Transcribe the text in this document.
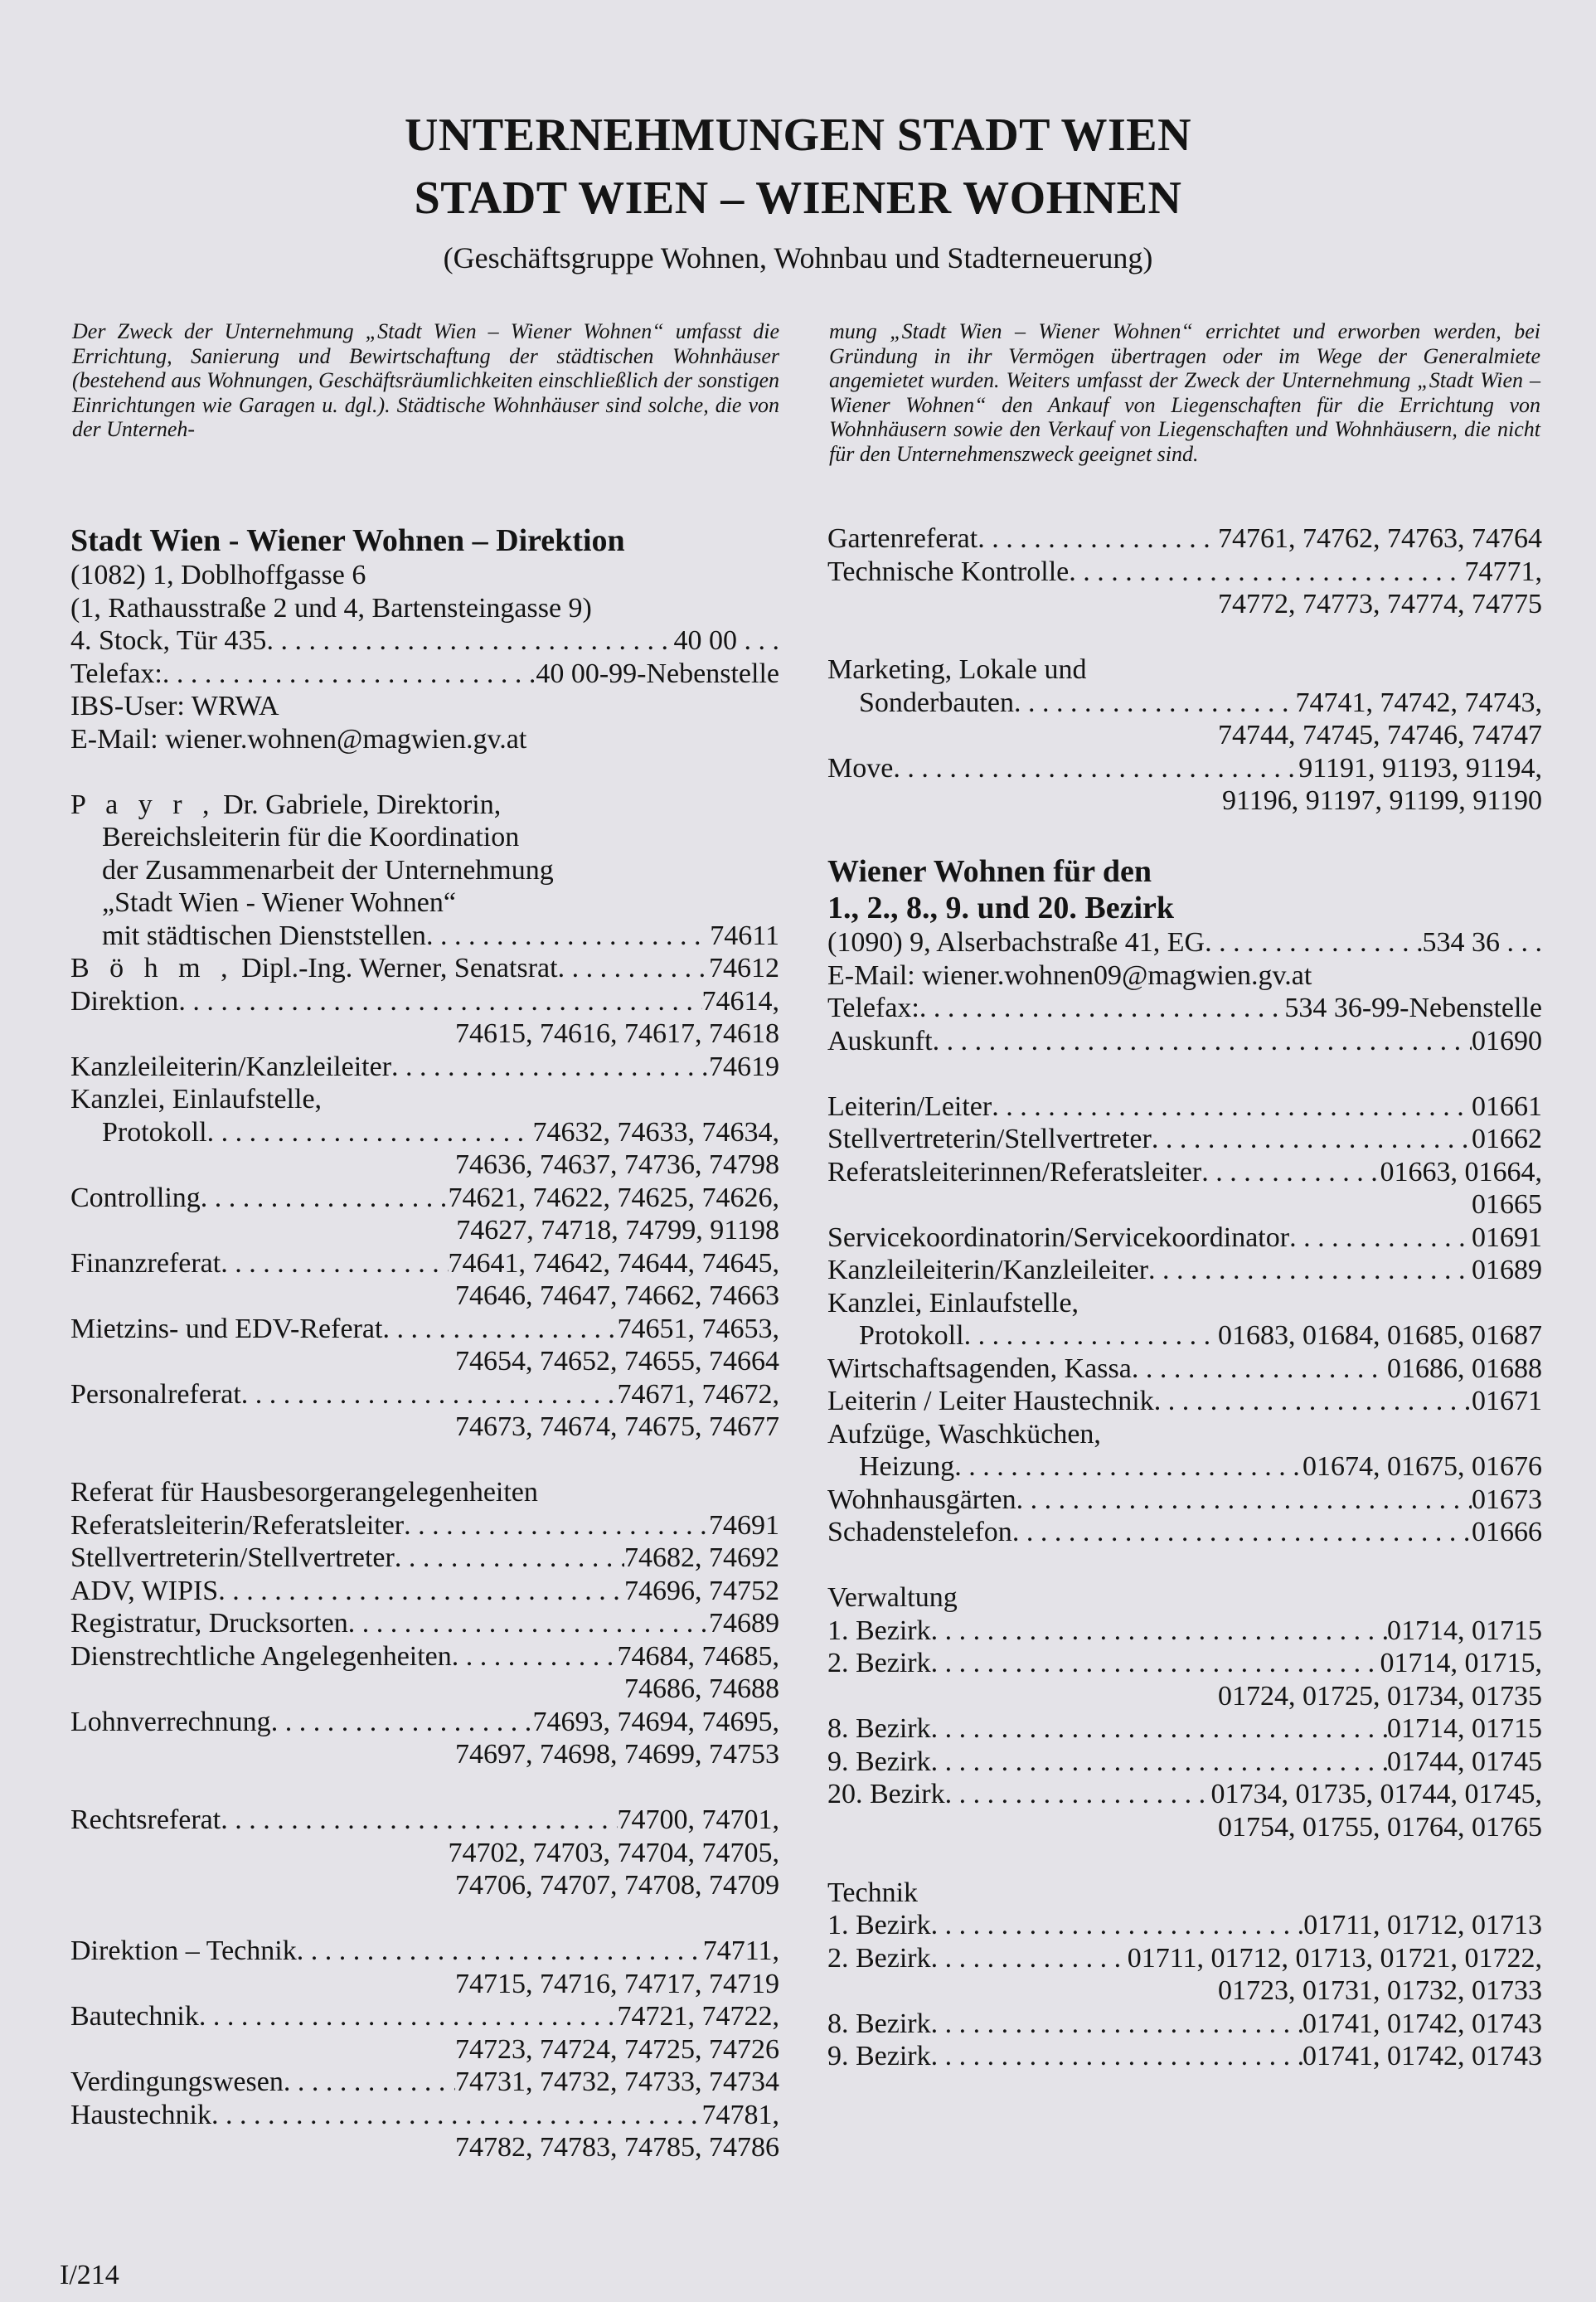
UNTERNEHMUNGEN STADT WIEN
STADT WIEN – WIENER WOHNEN
(Geschäftsgruppe Wohnen, Wohnbau und Stadterneuerung)
Der Zweck der Unternehmung „Stadt Wien – Wiener Wohnen“ umfasst die Errichtung, Sanierung und Bewirtschaftung der städtischen Wohnhäuser (bestehend aus Wohnungen, Geschäftsräumlichkeiten einschließlich der sonstigen Einrichtungen wie Garagen u. dgl.). Städtische Wohnhäuser sind solche, die von der Unterneh-
mung „Stadt Wien – Wiener Wohnen“ errichtet und erworben werden, bei Gründung in ihr Vermögen übertragen oder im Wege der Generalmiete angemietet wurden. Weiters umfasst der Zweck der Unternehmung „Stadt Wien – Wiener Wohnen“ den Ankauf von Liegenschaften für die Errichtung von Wohnhäusern sowie den Verkauf von Liegenschaften und Wohnhäusern, die nicht für den Unternehmenszweck geeignet sind.
Stadt Wien - Wiener Wohnen – Direktion
(1082) 1, Doblhoffgasse 6
(1, Rathausstraße 2 und 4, Bartensteingasse 9)
4. Stock, Tür 435 . . .	40 00 . . .
Telefax: . . .	40 00-99-Nebenstelle
IBS-User: WRWA
E-Mail: wiener.wohnen@magwien.gv.at
P a y r , Dr. Gabriele, Direktorin,
Bereichsleiterin für die Koordination
der Zusammenarbeit der Unternehmung
„Stadt Wien - Wiener Wohnen“
mit städtischen Dienststellen . . .	74611
B ö h m , Dipl.-Ing. Werner, Senatsrat . . .	74612
Direktion . . .	74614,
74615, 74616, 74617, 74618
Kanzleileiterin/Kanzleileiter . . .	74619
Kanzlei, Einlaufstelle,
Protokoll . . .	74632, 74633, 74634,
74636, 74637, 74736, 74798
Controlling . . .	74621, 74622, 74625, 74626,
74627, 74718, 74799, 91198
Finanzreferat . . .	74641, 74642, 74644, 74645,
74646, 74647, 74662, 74663
Mietzins- und EDV-Referat . . .	74651, 74653,
74654, 74652, 74655, 74664
Personalreferat . . .	74671, 74672,
74673, 74674, 74675, 74677
Referat für Hausbesorgerangelegenheiten
Referatsleiterin/Referatsleiter . . .	74691
Stellvertreterin/Stellvertreter . . .	74682, 74692
ADV, WIPIS . . .	74696, 74752
Registratur, Drucksorten . . .	74689
Dienstrechtliche Angelegenheiten . . .	74684, 74685,
74686, 74688
Lohnverrechnung . . .	74693, 74694, 74695,
74697, 74698, 74699, 74753
Rechtsreferat . . .	74700, 74701,
74702, 74703, 74704, 74705,
74706, 74707, 74708, 74709
Direktion – Technik . . .	74711,
74715, 74716, 74717, 74719
Bautechnik . . .	74721, 74722,
74723, 74724, 74725, 74726
Verdingungswesen . . .	74731, 74732, 74733, 74734
Haustechnik . . .	74781,
74782, 74783, 74785, 74786
Gartenreferat . . .	74761, 74762, 74763, 74764
Technische Kontrolle . . .	74771,
74772, 74773, 74774, 74775
Marketing, Lokale und
Sonderbauten . . .	74741, 74742, 74743,
74744, 74745, 74746, 74747
Move . . .	91191, 91193, 91194,
91196, 91197, 91199, 91190
Wiener Wohnen für den
1., 2., 8., 9. und 20. Bezirk
(1090) 9, Alserbachstraße 41, EG . . .	534 36 . . .
E-Mail: wiener.wohnen09@magwien.gv.at
Telefax: . . .	534 36-99-Nebenstelle
Auskunft . . .	01690
Leiterin/Leiter . . .	01661
Stellvertreterin/Stellvertreter . . .	01662
Referatsleiterinnen/Referatsleiter . . .	01663, 01664,
01665
Servicekoordinatorin/Servicekoordinator . . .	01691
Kanzleileiterin/Kanzleileiter . . .	01689
Kanzlei, Einlaufstelle,
Protokoll . . .	01683, 01684, 01685, 01687
Wirtschaftsagenden, Kassa . . .	01686, 01688
Leiterin / Leiter Haustechnik . . .	01671
Aufzüge, Waschküchen,
Heizung . . .	01674, 01675, 01676
Wohnhausgärten . . .	01673
Schadenstelefon . . .	01666
Verwaltung
1. Bezirk . . .	01714, 01715
2. Bezirk . . .	01714, 01715,
01724, 01725, 01734, 01735
8. Bezirk . . .	01714, 01715
9. Bezirk . . .	01744, 01745
20. Bezirk . . .	01734, 01735, 01744, 01745,
01754, 01755, 01764, 01765
Technik
1. Bezirk . . .	01711, 01712, 01713
2. Bezirk . . .	01711, 01712, 01713, 01721, 01722,
01723, 01731, 01732, 01733
8. Bezirk . . .	01741, 01742, 01743
9. Bezirk . . .	01741, 01742, 01743
I/214
